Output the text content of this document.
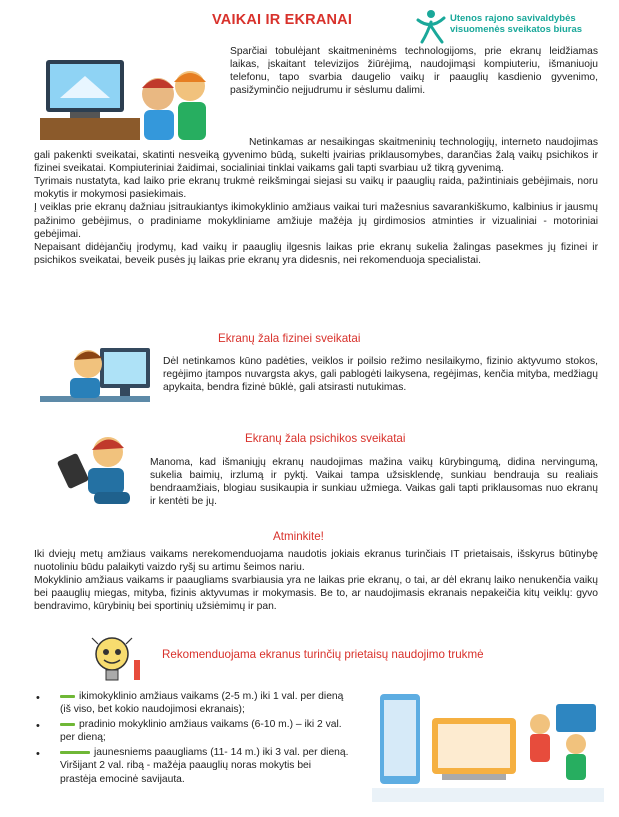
VAIKAI IR EKRANAI	Utenos rajono savivaldybės
visuomenės sveikatos biuras

Sparčiai tobulėjant skaitmeninėms technologijoms, prie ekranų leidžiamas laikas, įskaitant televizijos žiūrėjimą, naudojimąsi kompiuteriu, išmaniuoju telefonu, tapo svarbia daugelio vaikų ir paauglių kasdienio gyvenimo, pasižyminčio neįjudrumu ir sėslumu dalimi.

Netinkamas ar nesaikingas skaitmeninių technologijų, interneto naudojimas gali pakenkti sveikatai, skatinti nesveiką gyvenimo būdą, sukelti įvairias priklausomybes, darančias žalą vaikų psichikos ir fizinei sveikatai. Kompiuteriniai žaidimai, socialiniai tinklai vaikams gali tapti svarbiau už tikrą gyvenimą.

Tyrimais nustatyta, kad laiko prie ekranų trukmė reikšmingai siejasi su vaikų ir paauglių raida, pažintiniais gebėjimais, noru mokytis ir mokymosi pasiekimais.

Į veiklas prie ekranų dažniau įsitraukiantys ikimokyklinio amžiaus vaikai turi mažesnius savarankiškumo, kalbinius ir jausmų pažinimo gebėjimus, o pradiniame mokykliniame amžiuje mažėja jų girdimosios atminties ir vizualiniai - motoriniai gebėjimai.

Nepaisant didėjančių įrodymų, kad vaikų ir paauglių ilgesnis laikas prie ekranų sukelia žalingas pasekmes jų fizinei ir psichikos sveikatai, beveik pusės jų laikas prie ekranų yra didesnis, nei rekomenduoja specialistai.

Ekranų žala fizinei sveikatai

Dėl netinkamos kūno padėties, veiklos ir poilsio režimo nesilaikymo, fizinio aktyvumo stokos, regėjimo įtampos nuvargsta akys, gali pablogėti laikysena, regėjimas, kenčia mityba, medžiagų apykaita, bendra fizinė būklė, gali atsirasti nutukimas.

Ekranų žala psichikos sveikatai

Manoma, kad išmaniųjų ekranų naudojimas mažina vaikų kūrybingumą, didina nervingumą, sukelia baimių, irzlumą ir pyktį. Vaikai tampa užsisklendę, sunkiau bendrauja su realiais bendraamžiais, blogiau susikaupia ir sunkiau užmiega. Vaikas gali tapti priklausomas nuo ekranų ir kentėti be jų.

Atminkite!

Iki dviejų metų amžiaus vaikams nerekomenduojama naudotis jokiais ekranus turinčiais IT prietaisais, išskyrus būtinybę nuotoliniu būdu palaikyti vaizdo ryšį su artimu šeimos nariu.

Mokyklinio amžiaus vaikams ir paaugliams svarbiausia yra ne laikas prie ekranų, o tai, ar dėl ekranų laiko nenukenčia vaikų bei paauglių miegas, mityba, fizinis aktyvumas ir mokymasis. Be to, ar naudojimasis ekranais nepakeičia kitų veiklų: gyvo bendravimo, kūrybinių bei sportinių užsiėmimų ir pan.

Rekomenduojama ekranus turinčių prietaisų naudojimo trukmė
•	ikimokyklinio amžiaus vaikams (2-5 m.) iki 1 val. per dieną (iš viso, bet kokio naudojimosi ekranais);
•	pradinio mokyklinio amžiaus vaikams (6-10 m.) – iki 2 val. per dieną;
•	jaunesniems paaugliams (11- 14 m.) iki 3 val. per dieną. Viršijant 2 val. ribą - mažėja paauglių noras mokytis bei prastėja emocinė savijauta.
